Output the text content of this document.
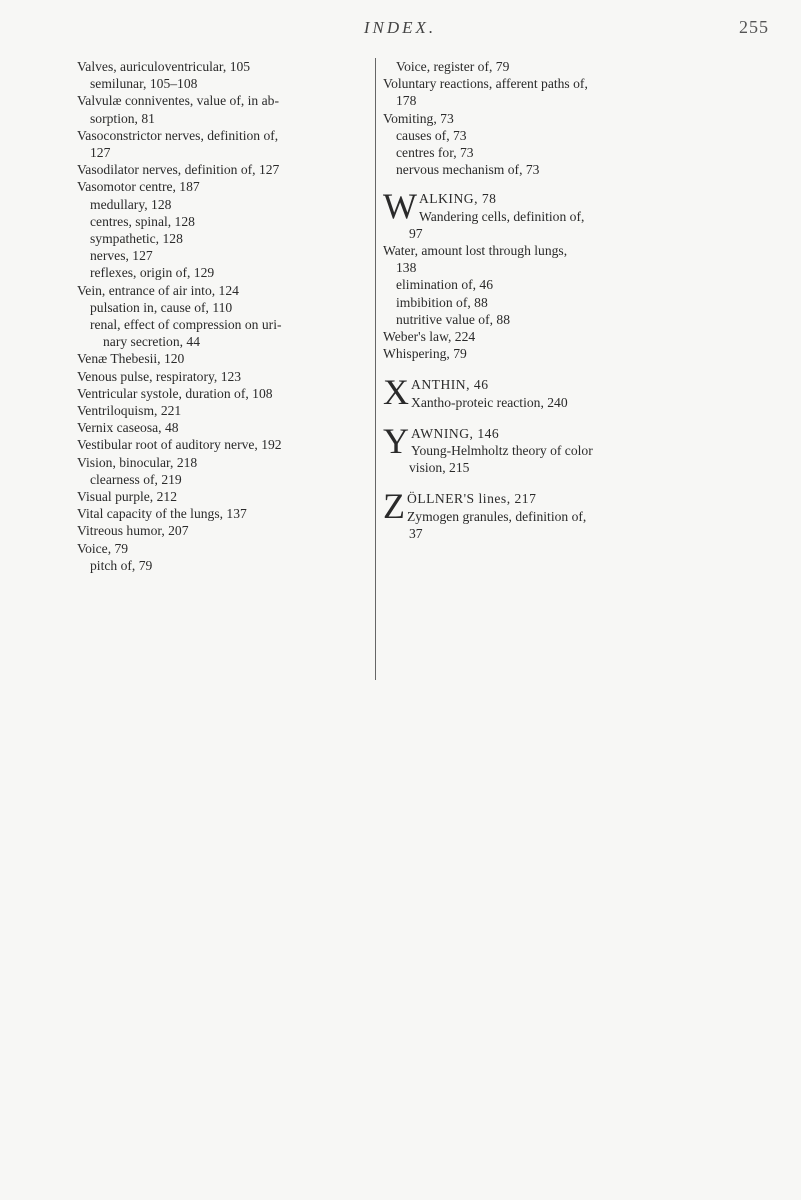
INDEX.	255
Valves, auriculoventricular, 105
semilunar, 105–108
Valvulæ conniventes, value of, in ab-
sorption, 81
Vasoconstrictor nerves, definition of,
127
Vasodilator nerves, definition of, 127
Vasomotor centre, 187
medullary, 128
centres, spinal, 128
sympathetic, 128
nerves, 127
reflexes, origin of, 129
Vein, entrance of air into, 124
pulsation in, cause of, 110
renal, effect of compression on uri-
nary secretion, 44
Venæ Thebesii, 120
Venous pulse, respiratory, 123
Ventricular systole, duration of, 108
Ventriloquism, 221
Vernix caseosa, 48
Vestibular root of auditory nerve, 192
Vision, binocular, 218
clearness of, 219
Visual purple, 212
Vital capacity of the lungs, 137
Vitreous humor, 207
Voice, 79
pitch of, 79
Voice, register of, 79
Voluntary reactions, afferent paths of,
178
Vomiting, 73
causes of, 73
centres for, 73
nervous mechanism of, 73
W ALKING, 78
Wandering cells, definition of,
97
Water, amount lost through lungs,
138
elimination of, 46
imbibition of, 88
nutritive value of, 88
Weber's law, 224
Whispering, 79
X ANTHIN, 46
Xantho-proteic reaction, 240
Y AWNING, 146
Young-Helmholtz theory of color
vision, 215
Z ÖLLNER'S lines, 217
Zymogen granules, definition of,
37
